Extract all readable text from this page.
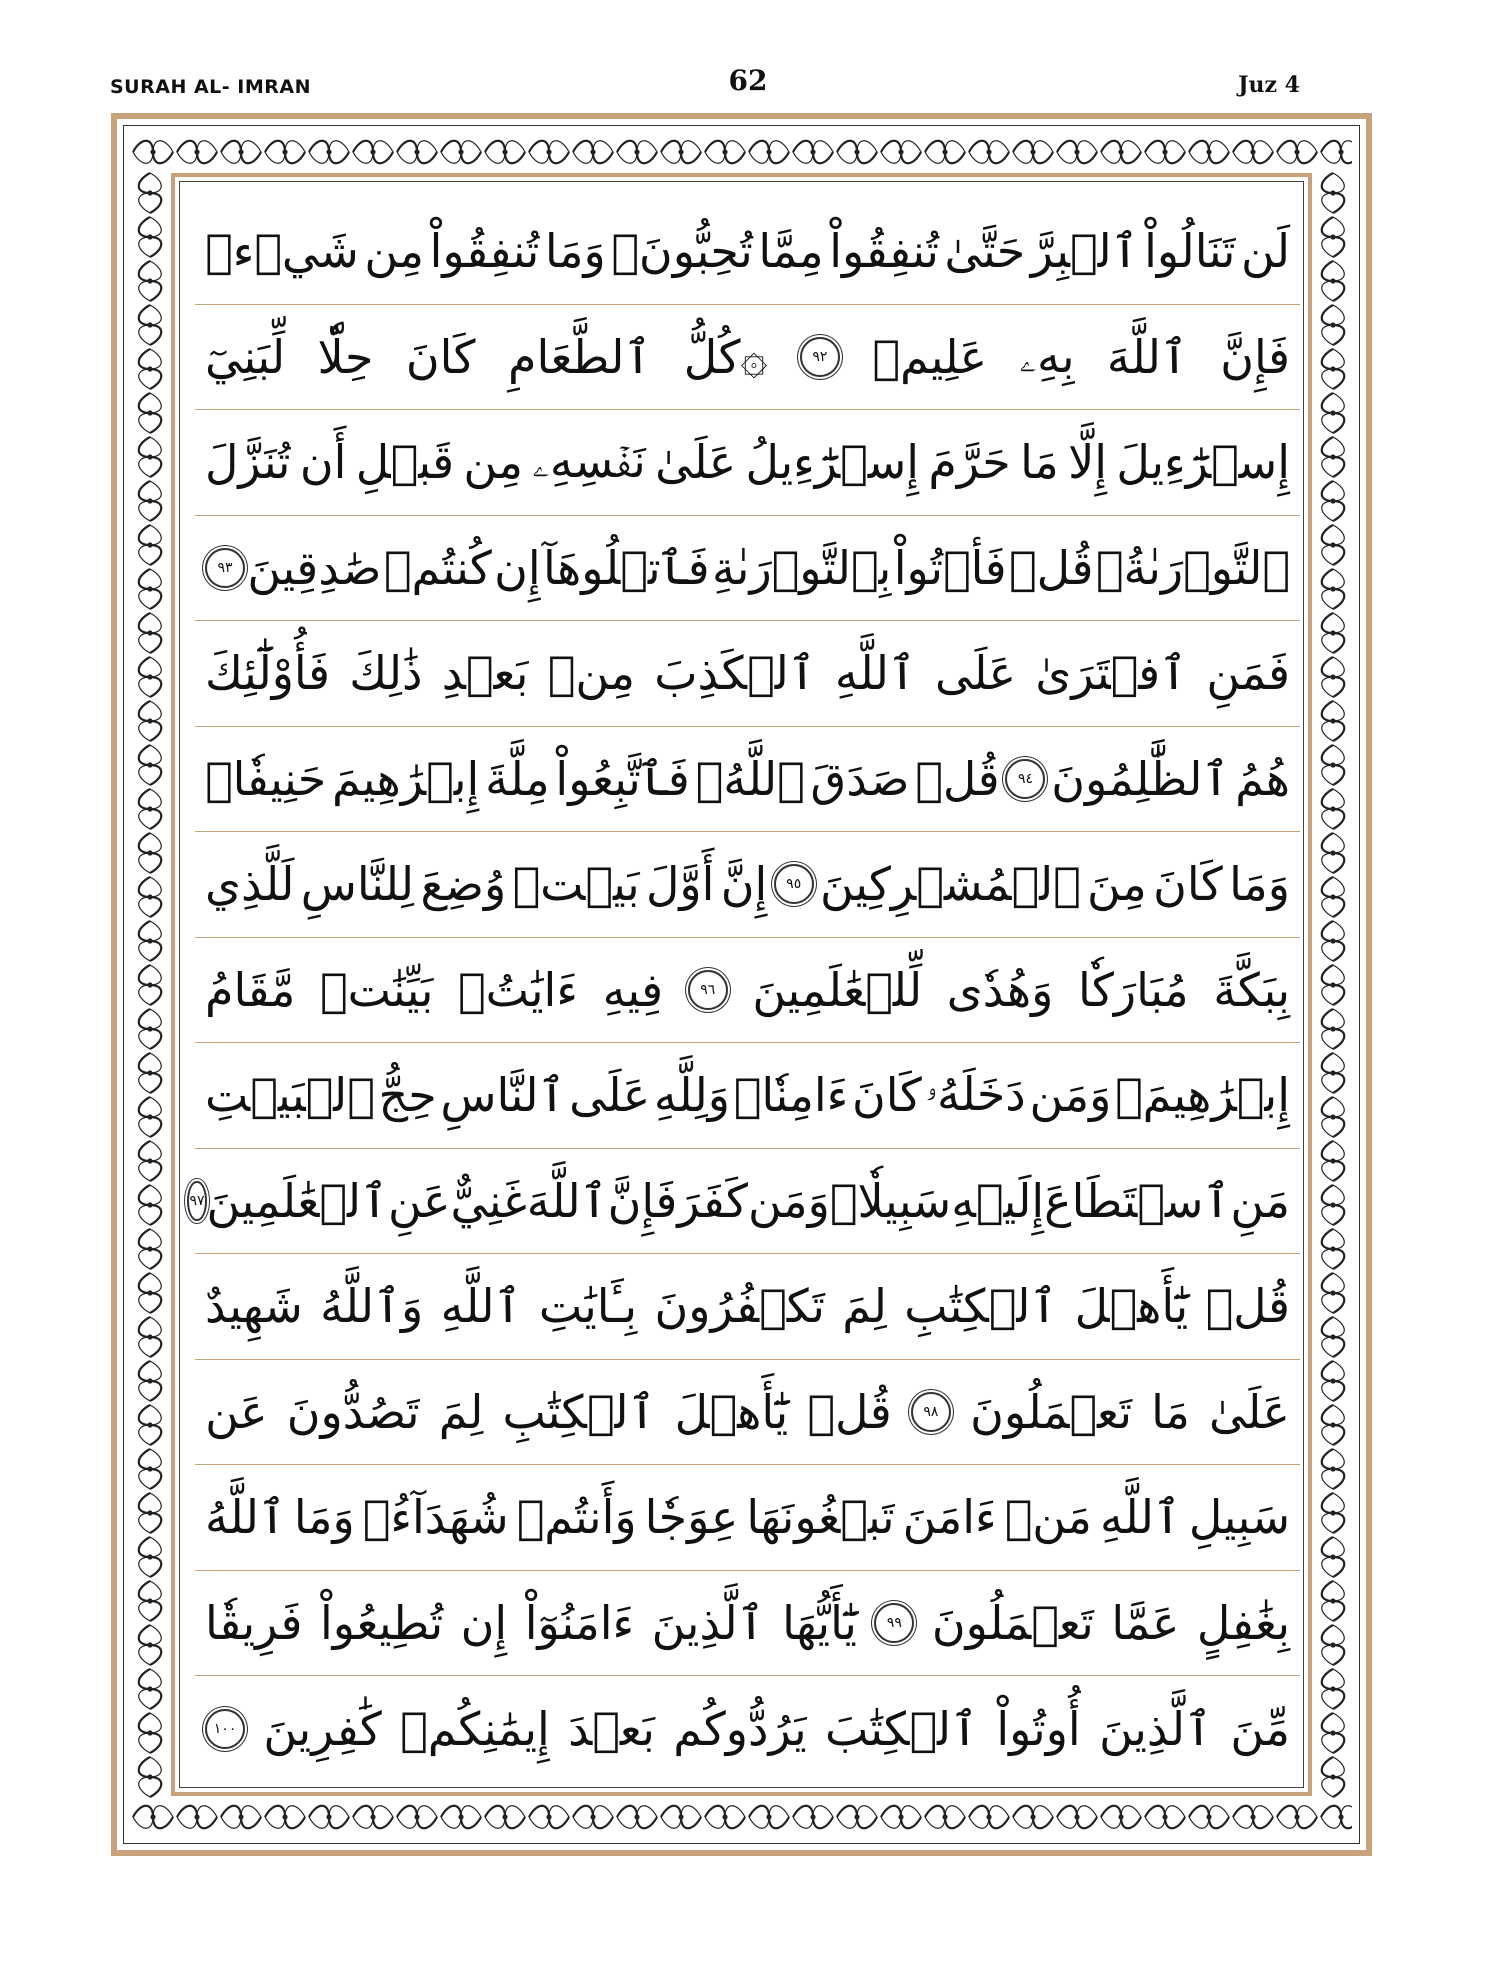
SURAH AL- IMRAN	62	Juz 4
لَن
تَنَالُواْ
ٱلۡبِرَّ
حَتَّىٰ
تُنفِقُواْ
مِمَّا
تُحِبُّونَۚ
وَمَا
تُنفِقُواْ
مِن
شَيۡءٖ
فَإِنَّ
ٱللَّهَ
بِهِۦ
عَلِيمٞ
٩٢
۞كُلُّ
ٱلطَّعَامِ
كَانَ
حِلّٗا
لِّبَنِيٓ
إِسۡرَٰٓءِيلَ
إِلَّا
مَا
حَرَّمَ
إِسۡرَٰٓءِيلُ
عَلَىٰ
نَفۡسِهِۦ
مِن
قَبۡلِ
أَن
تُنَزَّلَ
ٱلتَّوۡرَىٰةُۚ
قُلۡ
فَأۡتُواْ
بِٱلتَّوۡرَىٰةِ
فَٱتۡلُوهَآ
إِن
كُنتُمۡ
صَٰدِقِينَ
٩٣
فَمَنِ
ٱفۡتَرَىٰ
عَلَى
ٱللَّهِ
ٱلۡكَذِبَ
مِنۢ
بَعۡدِ
ذَٰلِكَ
فَأُوْلَٰٓئِكَ
هُمُ
ٱلظَّٰلِمُونَ
٩٤
قُلۡ
صَدَقَ
ٱللَّهُۗ
فَٱتَّبِعُواْ
مِلَّةَ
إِبۡرَٰهِيمَ
حَنِيفٗاۖ
وَمَا
كَانَ
مِنَ
ٱلۡمُشۡرِكِينَ
٩٥
إِنَّ
أَوَّلَ
بَيۡتٖ
وُضِعَ
لِلنَّاسِ
لَلَّذِي
بِبَكَّةَ
مُبَارَكٗا
وَهُدٗى
لِّلۡعَٰلَمِينَ
٩٦
فِيهِ
ءَايَٰتُۢ
بَيِّنَٰتٞ
مَّقَامُ
إِبۡرَٰهِيمَۖ
وَمَن
دَخَلَهُۥ
كَانَ
ءَامِنٗاۗ
وَلِلَّهِ
عَلَى
ٱلنَّاسِ
حِجُّ
ٱلۡبَيۡتِ
مَنِ
ٱسۡتَطَاعَ
إِلَيۡهِ
سَبِيلٗاۚ
وَمَن
كَفَرَ
فَإِنَّ
ٱللَّهَ
غَنِيٌّ
عَنِ
ٱلۡعَٰلَمِينَ
٩٧
قُلۡ
يَٰٓأَهۡلَ
ٱلۡكِتَٰبِ
لِمَ
تَكۡفُرُونَ
بِـَٔايَٰتِ
ٱللَّهِ
وَٱللَّهُ
شَهِيدٌ
عَلَىٰ
مَا
تَعۡمَلُونَ
٩٨
قُلۡ
يَٰٓأَهۡلَ
ٱلۡكِتَٰبِ
لِمَ
تَصُدُّونَ
عَن
سَبِيلِ
ٱللَّهِ
مَنۡ
ءَامَنَ
تَبۡغُونَهَا
عِوَجٗا
وَأَنتُمۡ
شُهَدَآءُۗ
وَمَا
ٱللَّهُ
بِغَٰفِلٍ
عَمَّا
تَعۡمَلُونَ
٩٩
يَٰٓأَيُّهَا
ٱلَّذِينَ
ءَامَنُوٓاْ
إِن
تُطِيعُواْ
فَرِيقٗا
مِّنَ
ٱلَّذِينَ
أُوتُواْ
ٱلۡكِتَٰبَ
يَرُدُّوكُم
بَعۡدَ
إِيمَٰنِكُمۡ
كَٰفِرِينَ
١٠٠
